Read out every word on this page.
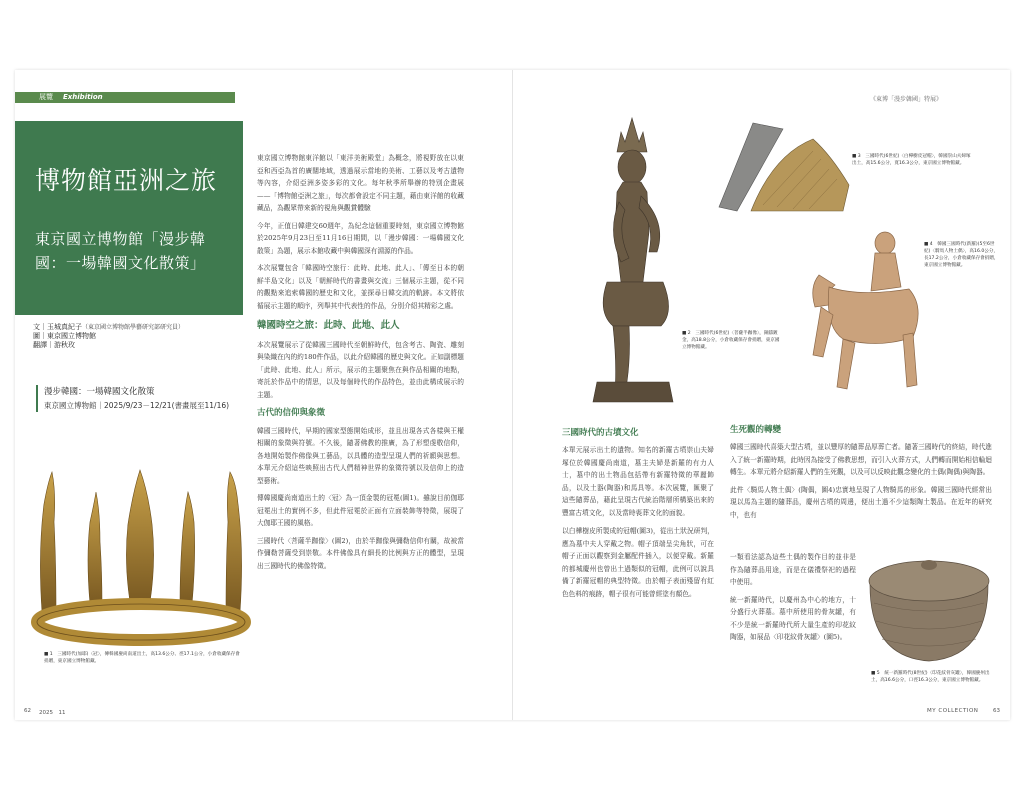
展覽 Exhibition	《東博「漫步韓國」特展》
博物館亞洲之旅
東京國立博物館「漫步韓國：一場韓國文化散策」
文｜玉城真紀子（東京國立博物館學藝研究部研究員）
圖｜東京國立博物館
翻譯｜游秋玫
漫步韓國：一場韓國文化散策
東京國立博物館｜2025/9/23－12/21(書畫展至11/16)
■ 1　三國時代(加耶)〈冠〉，傳韓國慶尚南道出土，高13.6公分、徑17.1公分，小倉收藏保存會捐贈，東京國立博物館藏。

東京國立博物館東洋館以「東洋美術殿堂」為概念，將視野放在以東亞和西亞為首的廣闊地域，透過展示當地的美術、工藝以及考古遺物等內容，介紹亞洲多姿多彩的文化。每年秋季所舉辦的特別企畫展——「博物館亞洲之旅」，每次都會設定不同主題，藉由東洋館的收藏藏品，為觀眾帶來新的視角與觀賞體驗

今年，正值日韓建交60週年，為紀念這個重要時刻，東京國立博物館於2025年9月23日至11月16日期間，以「漫步韓國：一場韓國文化散策」為題，展示本館收藏中與韓國深有淵源的作品。

本次展覽包含「韓國時空旅行：此時、此地、此人」、「傳至日本的朝鮮半島文化」以及「朝鮮時代的書畫與交流」三個展示主題，從不同的觀點來追索韓國的歷史和文化，並探尋日韓交流的軌跡。本文將依循展示主題的順序，列舉其中代表性的作品，分別介紹其精彩之處。

韓國時空之旅：此時、此地、此人

本次展覽展示了從韓國三國時代至朝鮮時代，包含考古、陶瓷、雕刻與染織在內的約180件作品，以此介紹韓國的歷史與文化。正如副標題「此時、此地、此人」所示，展示的主題聚焦在與作品相關的地點，寄託於作品中的情思，以及每個時代的作品特色，並由此構成展示的主題。

古代的信仰與象徵

韓國三國時代，早期的國家型態開始成形，並且出現各式各樣與王權相關的象徵與符號。不久後，隨著佛教的推廣，為了形塑虔敬信仰，各地開始製作佛像與工藝品，以具體的造型呈現人們的祈願與思想。本單元介紹這些映照出古代人們精神世界的象徵符號以及信仰上的造型藝術。

傳韓國慶尚南道出土的〈冠〉為一頂金製的冠冕(圖1)。雖說目前伽耶冠冕出土的實例不多，但此件冠冕於正面有立面裝飾等特徵，展現了大伽耶王國的風格。

三國時代〈菩薩半跏像〉(圖2)，由於半跏像與彌勒信仰有關，故被當作彌勒菩薩受到崇敬。本件佛像具有細長的比例與方正的體型，呈現出三國時代的佛像特徵。

■ 2　三國時代(6世紀)〈菩薩半跏像〉，銅鑄鍍金，高18.8公分，小倉收藏保存會捐贈，東京國立博物館藏。
■ 3　三國時代(6世紀)〈白樺樹皮冠帽〉，韓國崇山夫婦塚出土，高15.6公分，寬16.3公分，東京國立博物館藏。
■ 4　韓國三國時代(新羅)(5至6世紀)〈騎馬人物土偶〉，高16.0公分，長17.2公分，小倉收藏保存會捐贈，東京國立博物館藏。
三國時代的古墳文化

本單元展示出土的遺物。知名的新羅古墳崇山夫婦塚位於韓國慶尚南道，墓主夫婦是新羅的有力人士，墓中的出土物品包括帶有新羅特徵的華麗飾品，以及土器(陶器)和馬具等。本次展覽，匯聚了這些隨葬品，藉此呈現古代統治階層所構築出來的豐富古墳文化，以及當時喪葬文化的面貌。

以白樺樹皮所製成的冠帽(圖3)，從出土狀況研判，應為墓中夫人穿戴之物。帽子頂端呈尖角狀，可在帽子正面以觀察到金屬配件插入，以便穿戴。新羅的都城慶州也曾出土過類似的冠帽，此例可以說具備了新羅冠帽的典型特徵。由於帽子表面殘留有紅色色料的痕跡，帽子很有可能曾經塗有顏色。

生死觀的轉變

韓國三國時代喜築大型古墳，並以豐厚的隨葬品厚葬亡者。隨著三國時代的終結，時代進入了統一新羅時期，此時因為接受了佛教思想，而引入火葬方式，人們轉而開始相信輪迴轉生。本單元將介紹新羅人們的生死觀，以及可以反映此觀念變化的土偶(陶偶)與陶器。

此件〈騎馬人物土偶〉(陶偶，圖4)忠實地呈現了人物騎馬的形象。韓國三國時代經常出現以馬為主題的隨葬品，慶州古墳的周邊，便出土過不少這類陶土製品。在近年的研究中，也有

一類看法認為這些土偶的製作目的並非是作為隨葬品用途，而是在儀禮祭祀的過程中使用。

統一新羅時代，以慶州為中心的地方，十分盛行火葬墓。墓中所使用的骨灰罐，有不少是統一新羅時代所大量生產的印花紋陶器，如展品〈印花紋骨灰罐〉(圖5)。

■ 5　統一新羅時代(8世紀)〈印花紋骨灰罐〉，韓國慶州出土，高16.6公分，口徑16.3公分，東京國立博物館藏。
62 2025　11	MY COLLECTION	63
